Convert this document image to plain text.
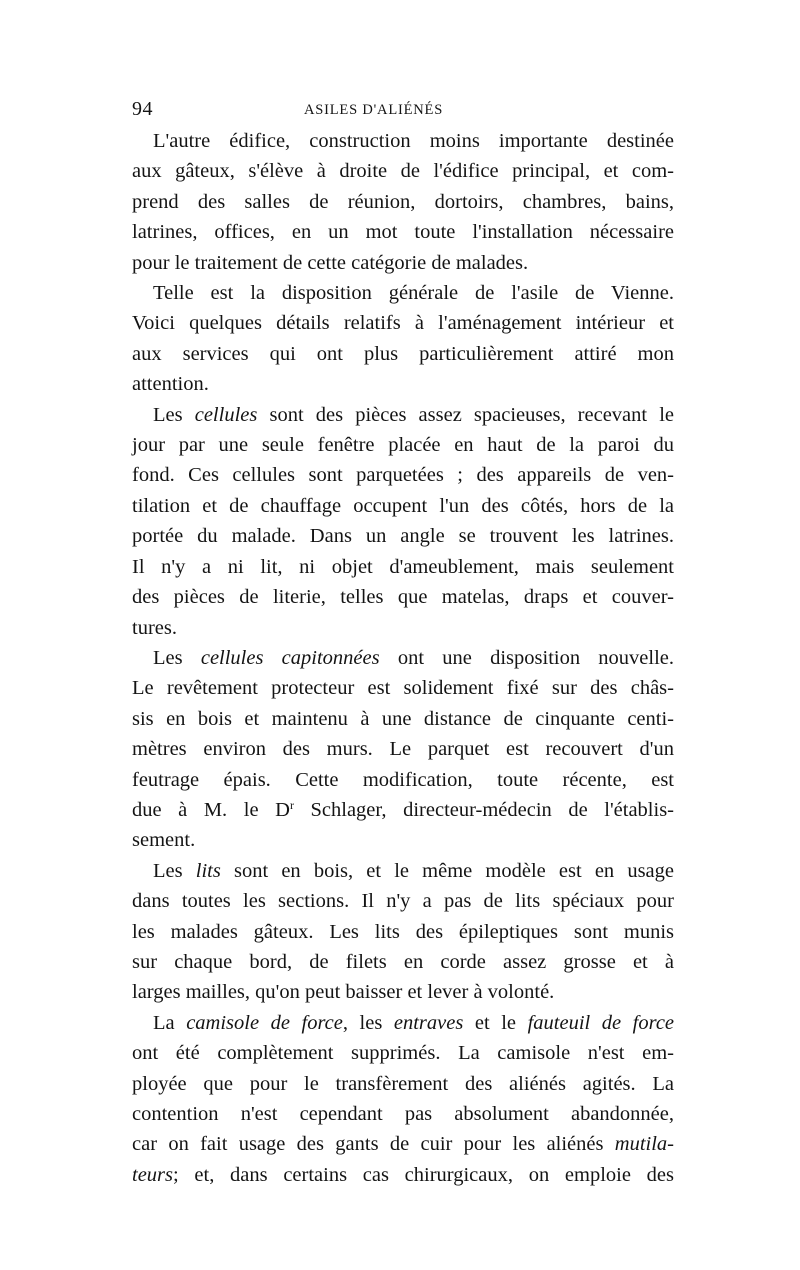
94	ASILES D'ALIÉNÉS

L'autre édifice, construction moins importante destinée
aux gâteux, s'élève à droite de l'édifice principal, et com-
prend des salles de réunion, dortoirs, chambres, bains,
latrines, offices, en un mot toute l'installation nécessaire
pour le traitement de cette catégorie de malades.

Telle est la disposition générale de l'asile de Vienne.
Voici quelques détails relatifs à l'aménagement intérieur et
aux services qui ont plus particulièrement attiré mon
attention.

Les cellules sont des pièces assez spacieuses, recevant le
jour par une seule fenêtre placée en haut de la paroi du
fond. Ces cellules sont parquetées ; des appareils de ven-
tilation et de chauffage occupent l'un des côtés, hors de la
portée du malade. Dans un angle se trouvent les latrines.
Il n'y a ni lit, ni objet d'ameublement, mais seulement
des pièces de literie, telles que matelas, draps et couver-
tures.

Les cellules capitonnées ont une disposition nouvelle.
Le revêtement protecteur est solidement fixé sur des châs-
sis en bois et maintenu à une distance de cinquante centi-
mètres environ des murs. Le parquet est recouvert d'un
feutrage épais. Cette modification, toute récente, est
due à M. le $D^r$ Schlager, directeur-médecin de l'établis-
sement.

Les lits sont en bois, et le même modèle est en usage
dans toutes les sections. Il n'y a pas de lits spéciaux pour
les malades gâteux. Les lits des épileptiques sont munis
sur chaque bord, de filets en corde assez grosse et à
larges mailles, qu'on peut baisser et lever à volonté.

La camisole de force, les entraves et le fauteuil de force
ont été complètement supprimés. La camisole n'est em-
ployée que pour le transfèrement des aliénés agités. La
contention n'est cependant pas absolument abandonnée,
car on fait usage des gants de cuir pour les aliénés mutila-
teurs; et, dans certains cas chirurgicaux, on emploie des
